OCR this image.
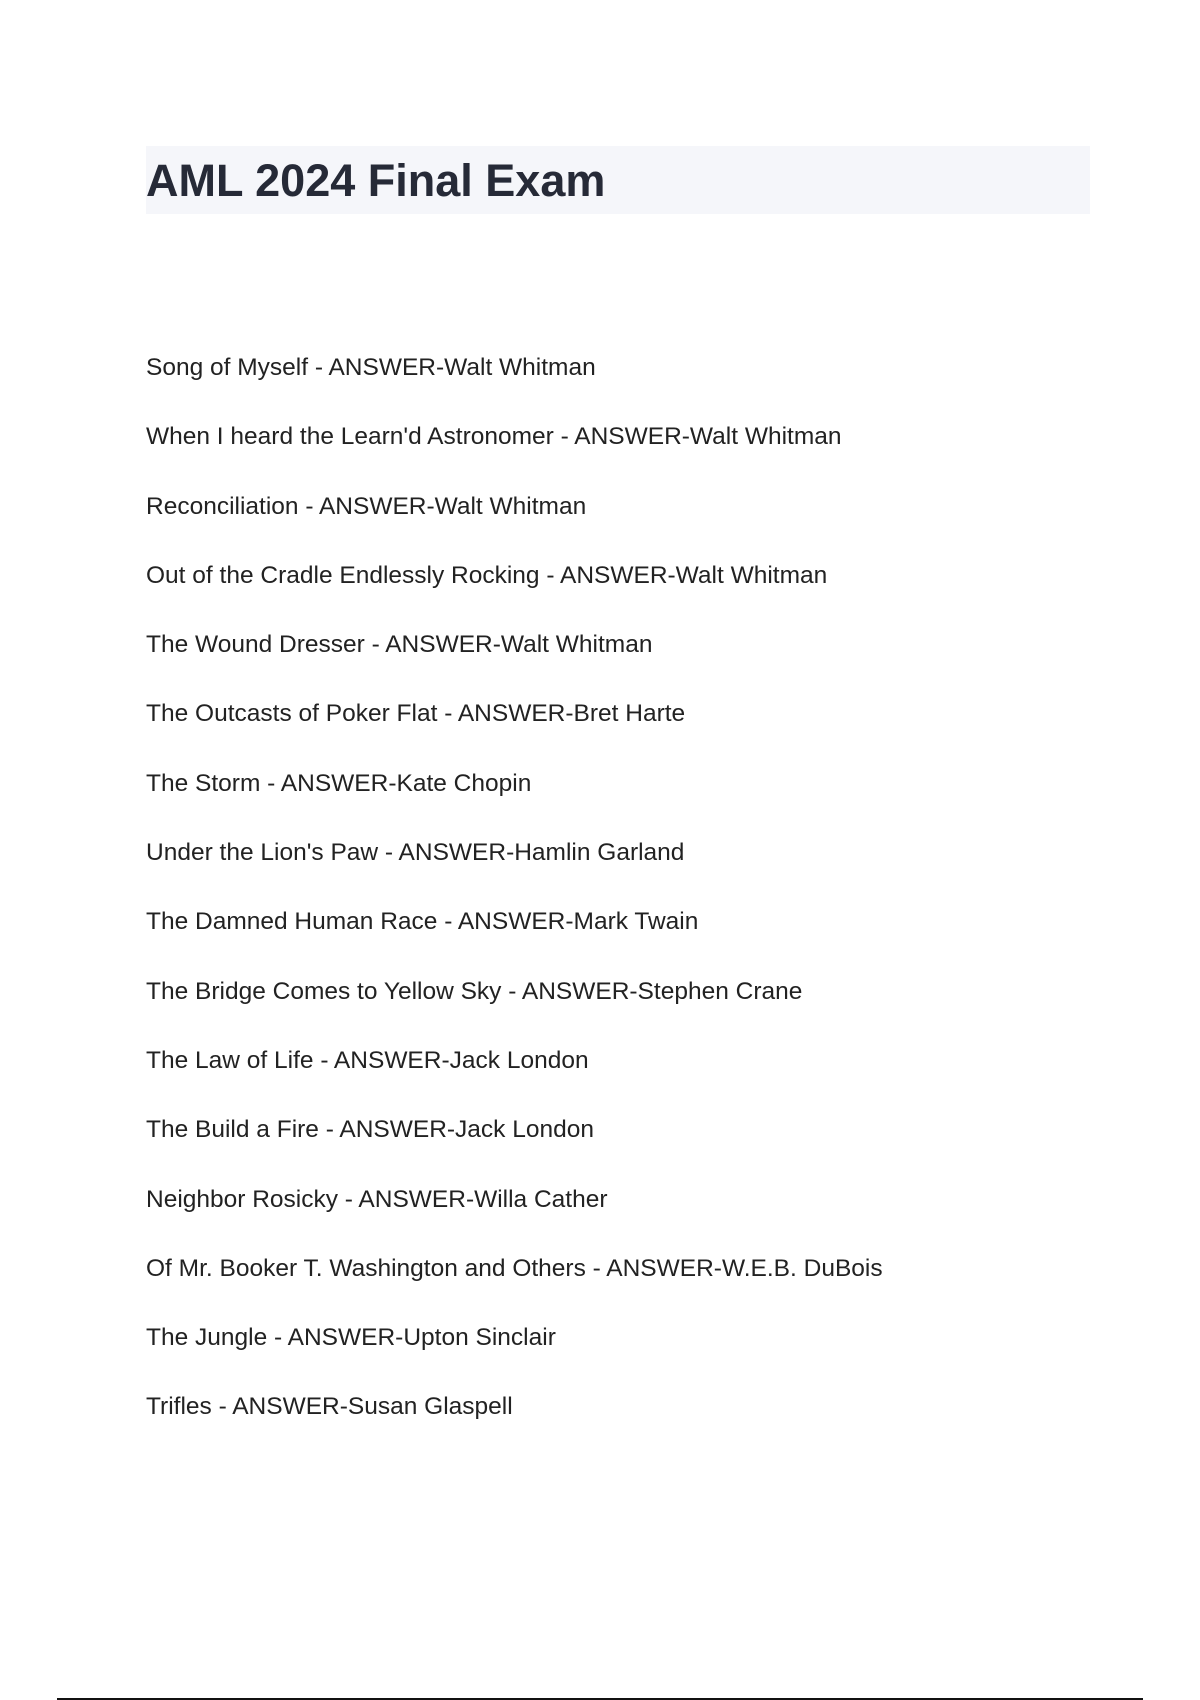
AML 2024 Final Exam
Song of Myself - ANSWER-Walt Whitman
When I heard the Learn'd Astronomer - ANSWER-Walt Whitman
Reconciliation - ANSWER-Walt Whitman
Out of the Cradle Endlessly Rocking - ANSWER-Walt Whitman
The Wound Dresser - ANSWER-Walt Whitman
The Outcasts of Poker Flat - ANSWER-Bret Harte
The Storm - ANSWER-Kate Chopin
Under the Lion's Paw - ANSWER-Hamlin Garland
The Damned Human Race - ANSWER-Mark Twain
The Bridge Comes to Yellow Sky - ANSWER-Stephen Crane
The Law of Life - ANSWER-Jack London
The Build a Fire - ANSWER-Jack London
Neighbor Rosicky - ANSWER-Willa Cather
Of Mr. Booker T. Washington and Others - ANSWER-W.E.B. DuBois
The Jungle - ANSWER-Upton Sinclair
Trifles - ANSWER-Susan Glaspell
